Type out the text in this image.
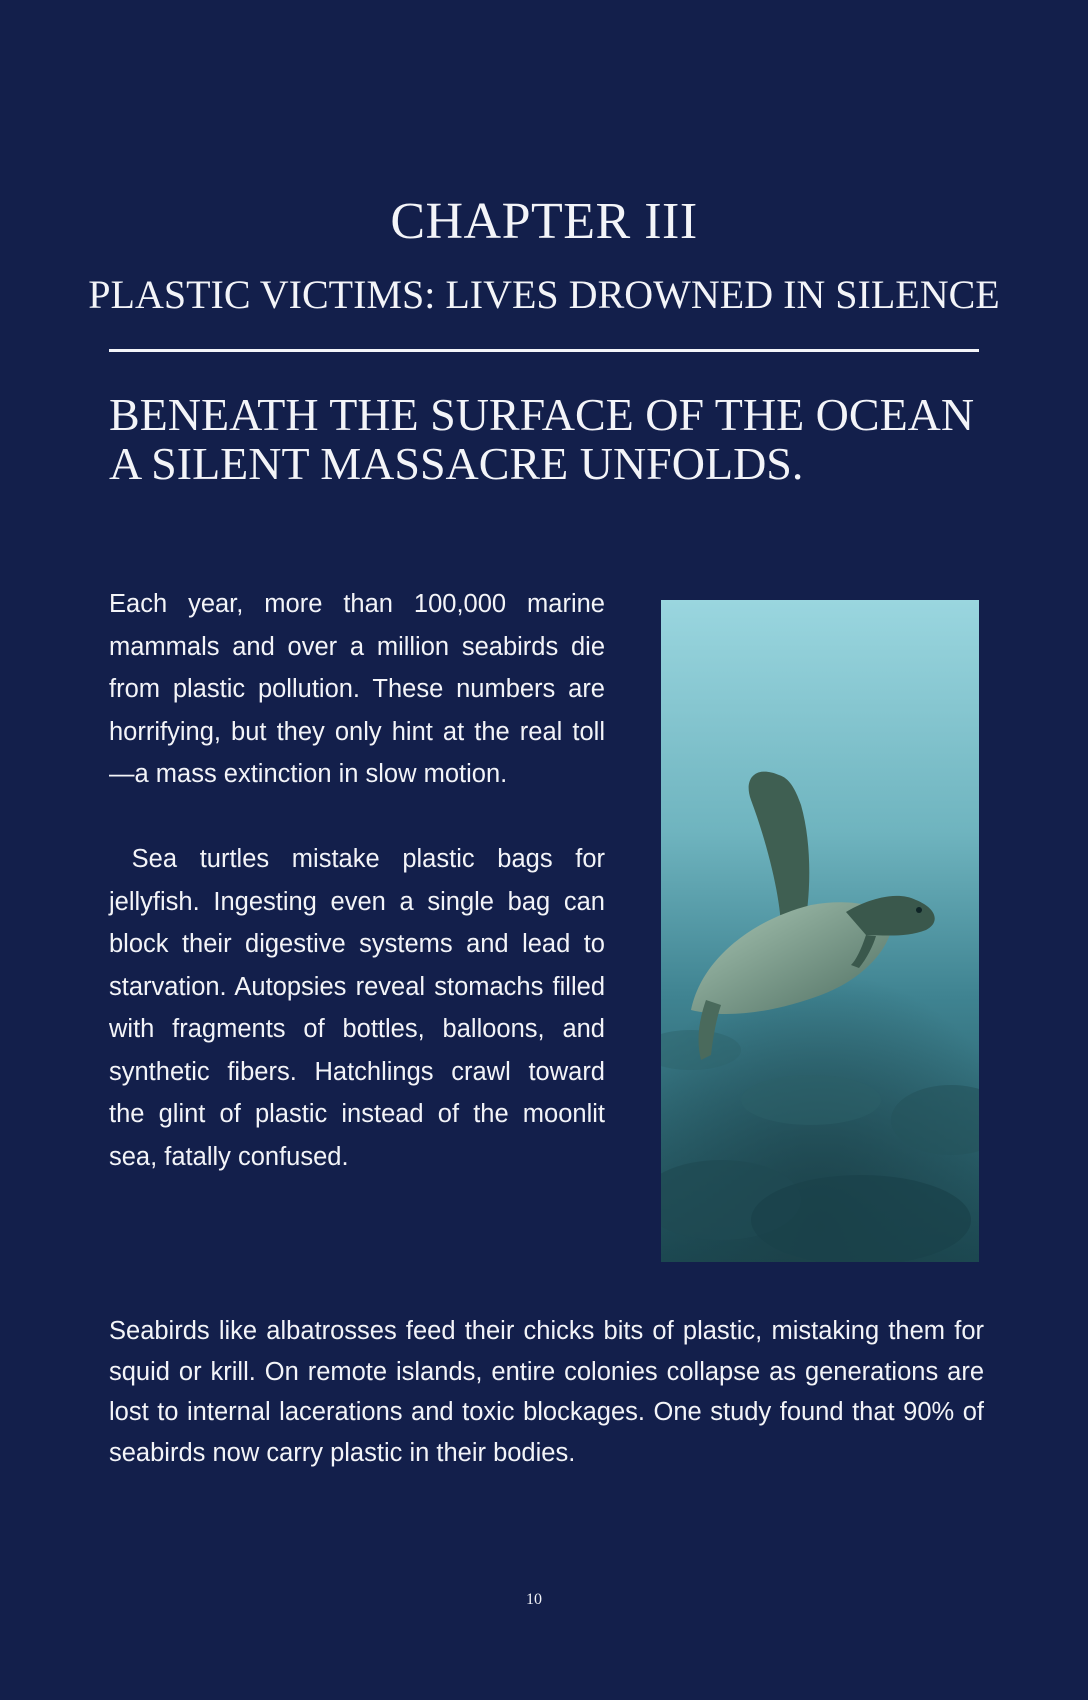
CHAPTER III
PLASTIC VICTIMS: LIVES DROWNED IN SILENCE
BENEATH THE SURFACE OF THE OCEAN
A SILENT MASSACRE UNFOLDS.

Each year, more than 100,000 marine mammals and over a million seabirds die from plastic pollution. These numbers are horrifying, but they only hint at the real toll—a mass extinction in slow motion.

Sea turtles mistake plastic bags for jellyfish. Ingesting even a single bag can block their digestive systems and lead to starvation. Autopsies reveal stomachs filled with fragments of bottles, balloons, and synthetic fibers. Hatchlings crawl toward the glint of plastic instead of the moonlit sea, fatally confused.

Seabirds like albatrosses feed their chicks bits of plastic, mistaking them for squid or krill. On remote islands, entire colonies collapse as generations are lost to internal lacerations and toxic blockages. One study found that 90% of seabirds now carry plastic in their bodies.

10
